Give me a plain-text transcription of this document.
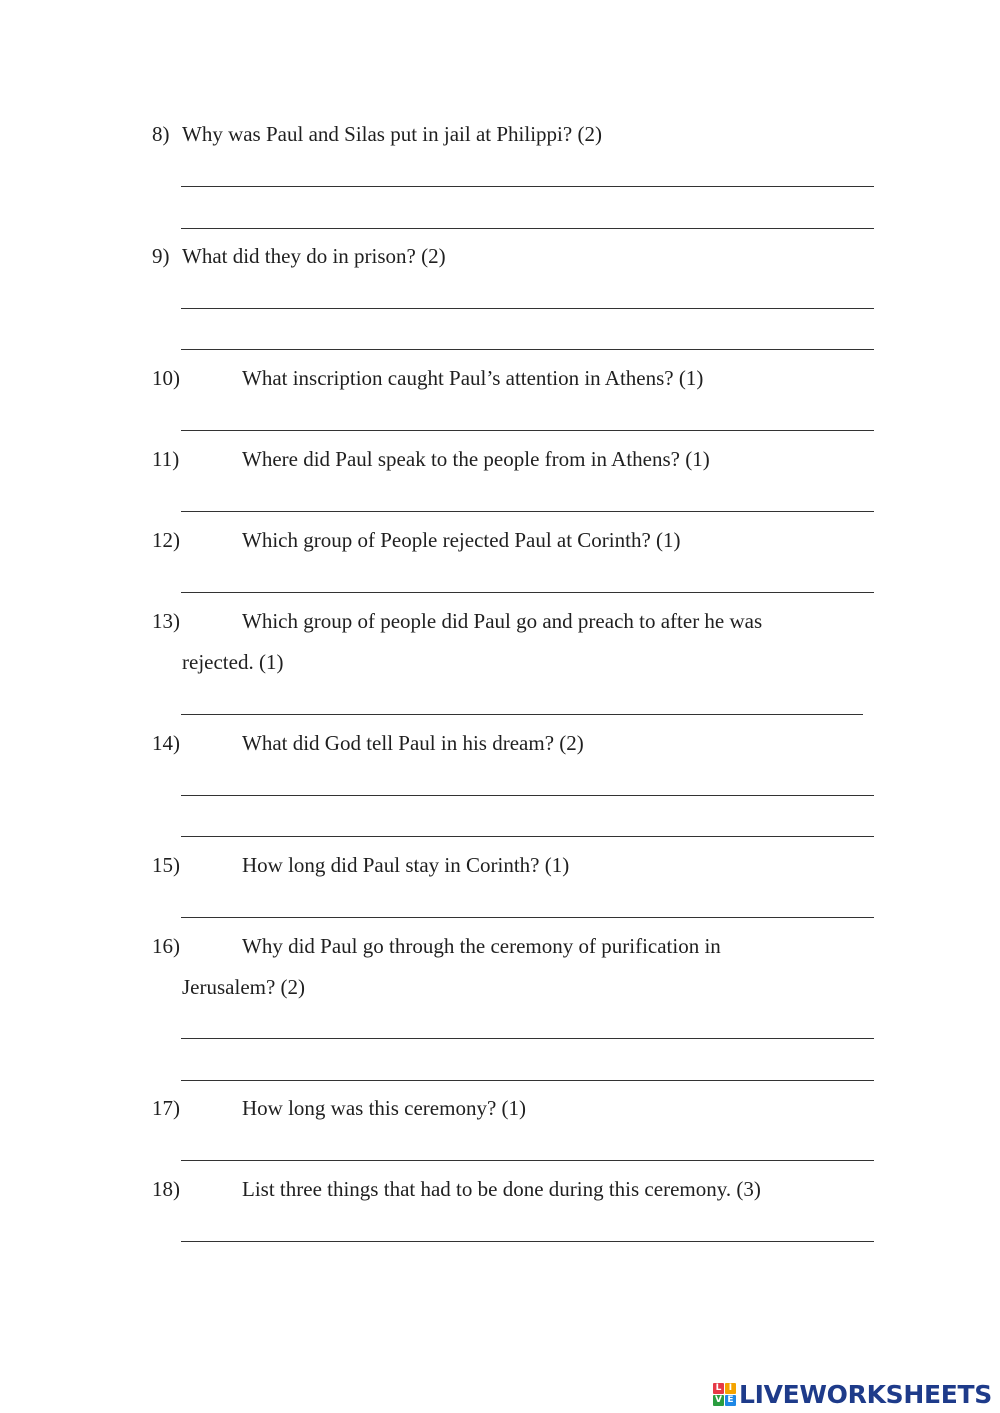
8) Why was Paul and Silas put in jail at Philippi? (2)
9) What did they do in prison? (2)
10)	What inscription caught Paul’s attention in Athens? (1)
11)	Where did Paul speak to the people from in Athens? (1)
12)	Which group of People rejected Paul at Corinth? (1)
13)	Which group of people did Paul go and preach to after he was
rejected. (1)
14)	What did God tell Paul in his dream? (2)
15)	How long did Paul stay in Corinth? (1)
16)	Why did Paul go through the ceremony of purification in
Jerusalem? (2)
17)	How long was this ceremony? (1)
18)	List three things that had to be done during this ceremony. (3)
L I
V E LIVEWORKSHEETS
